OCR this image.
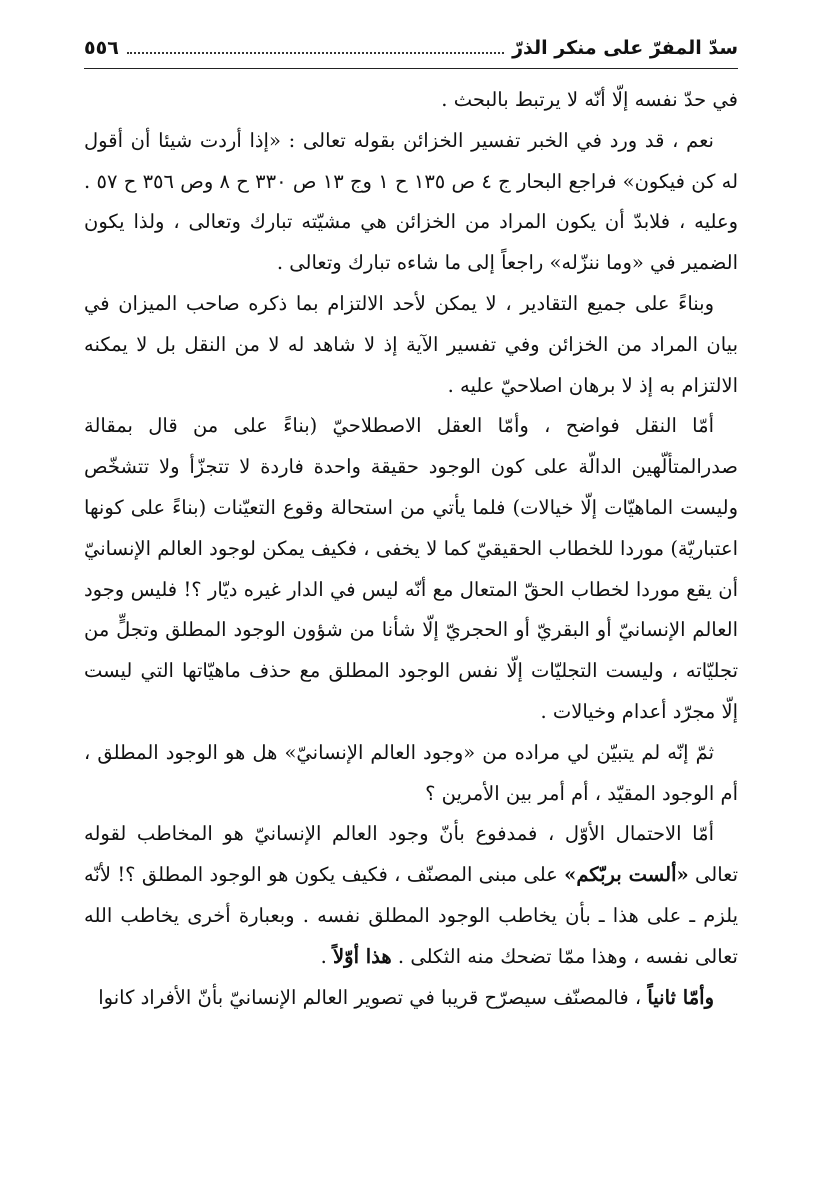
سدّ المفرّ على منكر الذرّ
٥٥٦

في حدّ نفسه إلّا أنّه لا يرتبط بالبحث .

نعم ، قد ورد في الخبر تفسير الخزائن بقوله تعالى : «إذا أردت شيئا أن أقول له كن فيكون» فراجع البحار ج ٤ ص ١٣٥ ح ١ وج ١٣ ص ٣٣٠ ح ٨ وص ٣٥٦ ح ٥٧ . وعليه ، فلابدّ أن يكون المراد من الخزائن هي مشيّته تبارك وتعالى ، ولذا يكون الضمير في «وما ننزّله» راجعاً إلى ما شاءه تبارك وتعالى .

وبناءً على جميع التقادير ، لا يمكن لأحد الالتزام بما ذكره صاحب الميزان في بيان المراد من الخزائن وفي تفسير الآية إذ لا شاهد له لا من النقل بل لا يمكنه الالتزام به إذ لا برهان اصلاحيّ عليه .

أمّا النقل فواضح ، وأمّا العقل الاصطلاحيّ (بناءً على من قال بمقالة صدرالمتألّهين الدالّة على كون الوجود حقيقة واحدة فاردة لا تتجزّأ ولا تتشخّص وليست الماهيّات إلّا خيالات) فلما يأتي من استحالة وقوع التعيّنات (بناءً على كونها اعتباريّة) موردا للخطاب الحقيقيّ كما لا يخفى ، فكيف يمكن لوجود العالم الإنسانيّ أن يقع موردا لخطاب الحقّ المتعال مع أنّه ليس في الدار غيره ديّار ؟! فليس وجود العالم الإنسانيّ أو البقريّ أو الحجريّ إلّا شأنا من شؤون الوجود المطلق وتجلٍّ من تجليّاته ، وليست التجليّات إلّا نفس الوجود المطلق مع حذف ماهيّاتها التي ليست إلّا مجرّد أعدام وخيالات .

ثمّ إنّه لم يتبيّن لي مراده من «وجود العالم الإنسانيّ» هل هو الوجود المطلق ، أم الوجود المقيّد ، أم أمر بين الأمرين ؟

أمّا الاحتمال الأوّل ، فمدفوع بأنّ وجود العالم الإنسانيّ هو المخاطب لقوله تعالى «ألست بربّكم» على مبنى المصنّف ، فكيف يكون هو الوجود المطلق ؟! لأنّه يلزم ـ على هذا ـ بأن يخاطب الوجود المطلق نفسه . وبعبارة أخرى يخاطب الله تعالى نفسه ، وهذا ممّا تضحك منه الثكلى . هذا أوّلاً .

وأمّا ثانياً ، فالمصنّف سيصرّح قريبا في تصوير العالم الإنسانيّ بأنّ الأفراد كانوا
